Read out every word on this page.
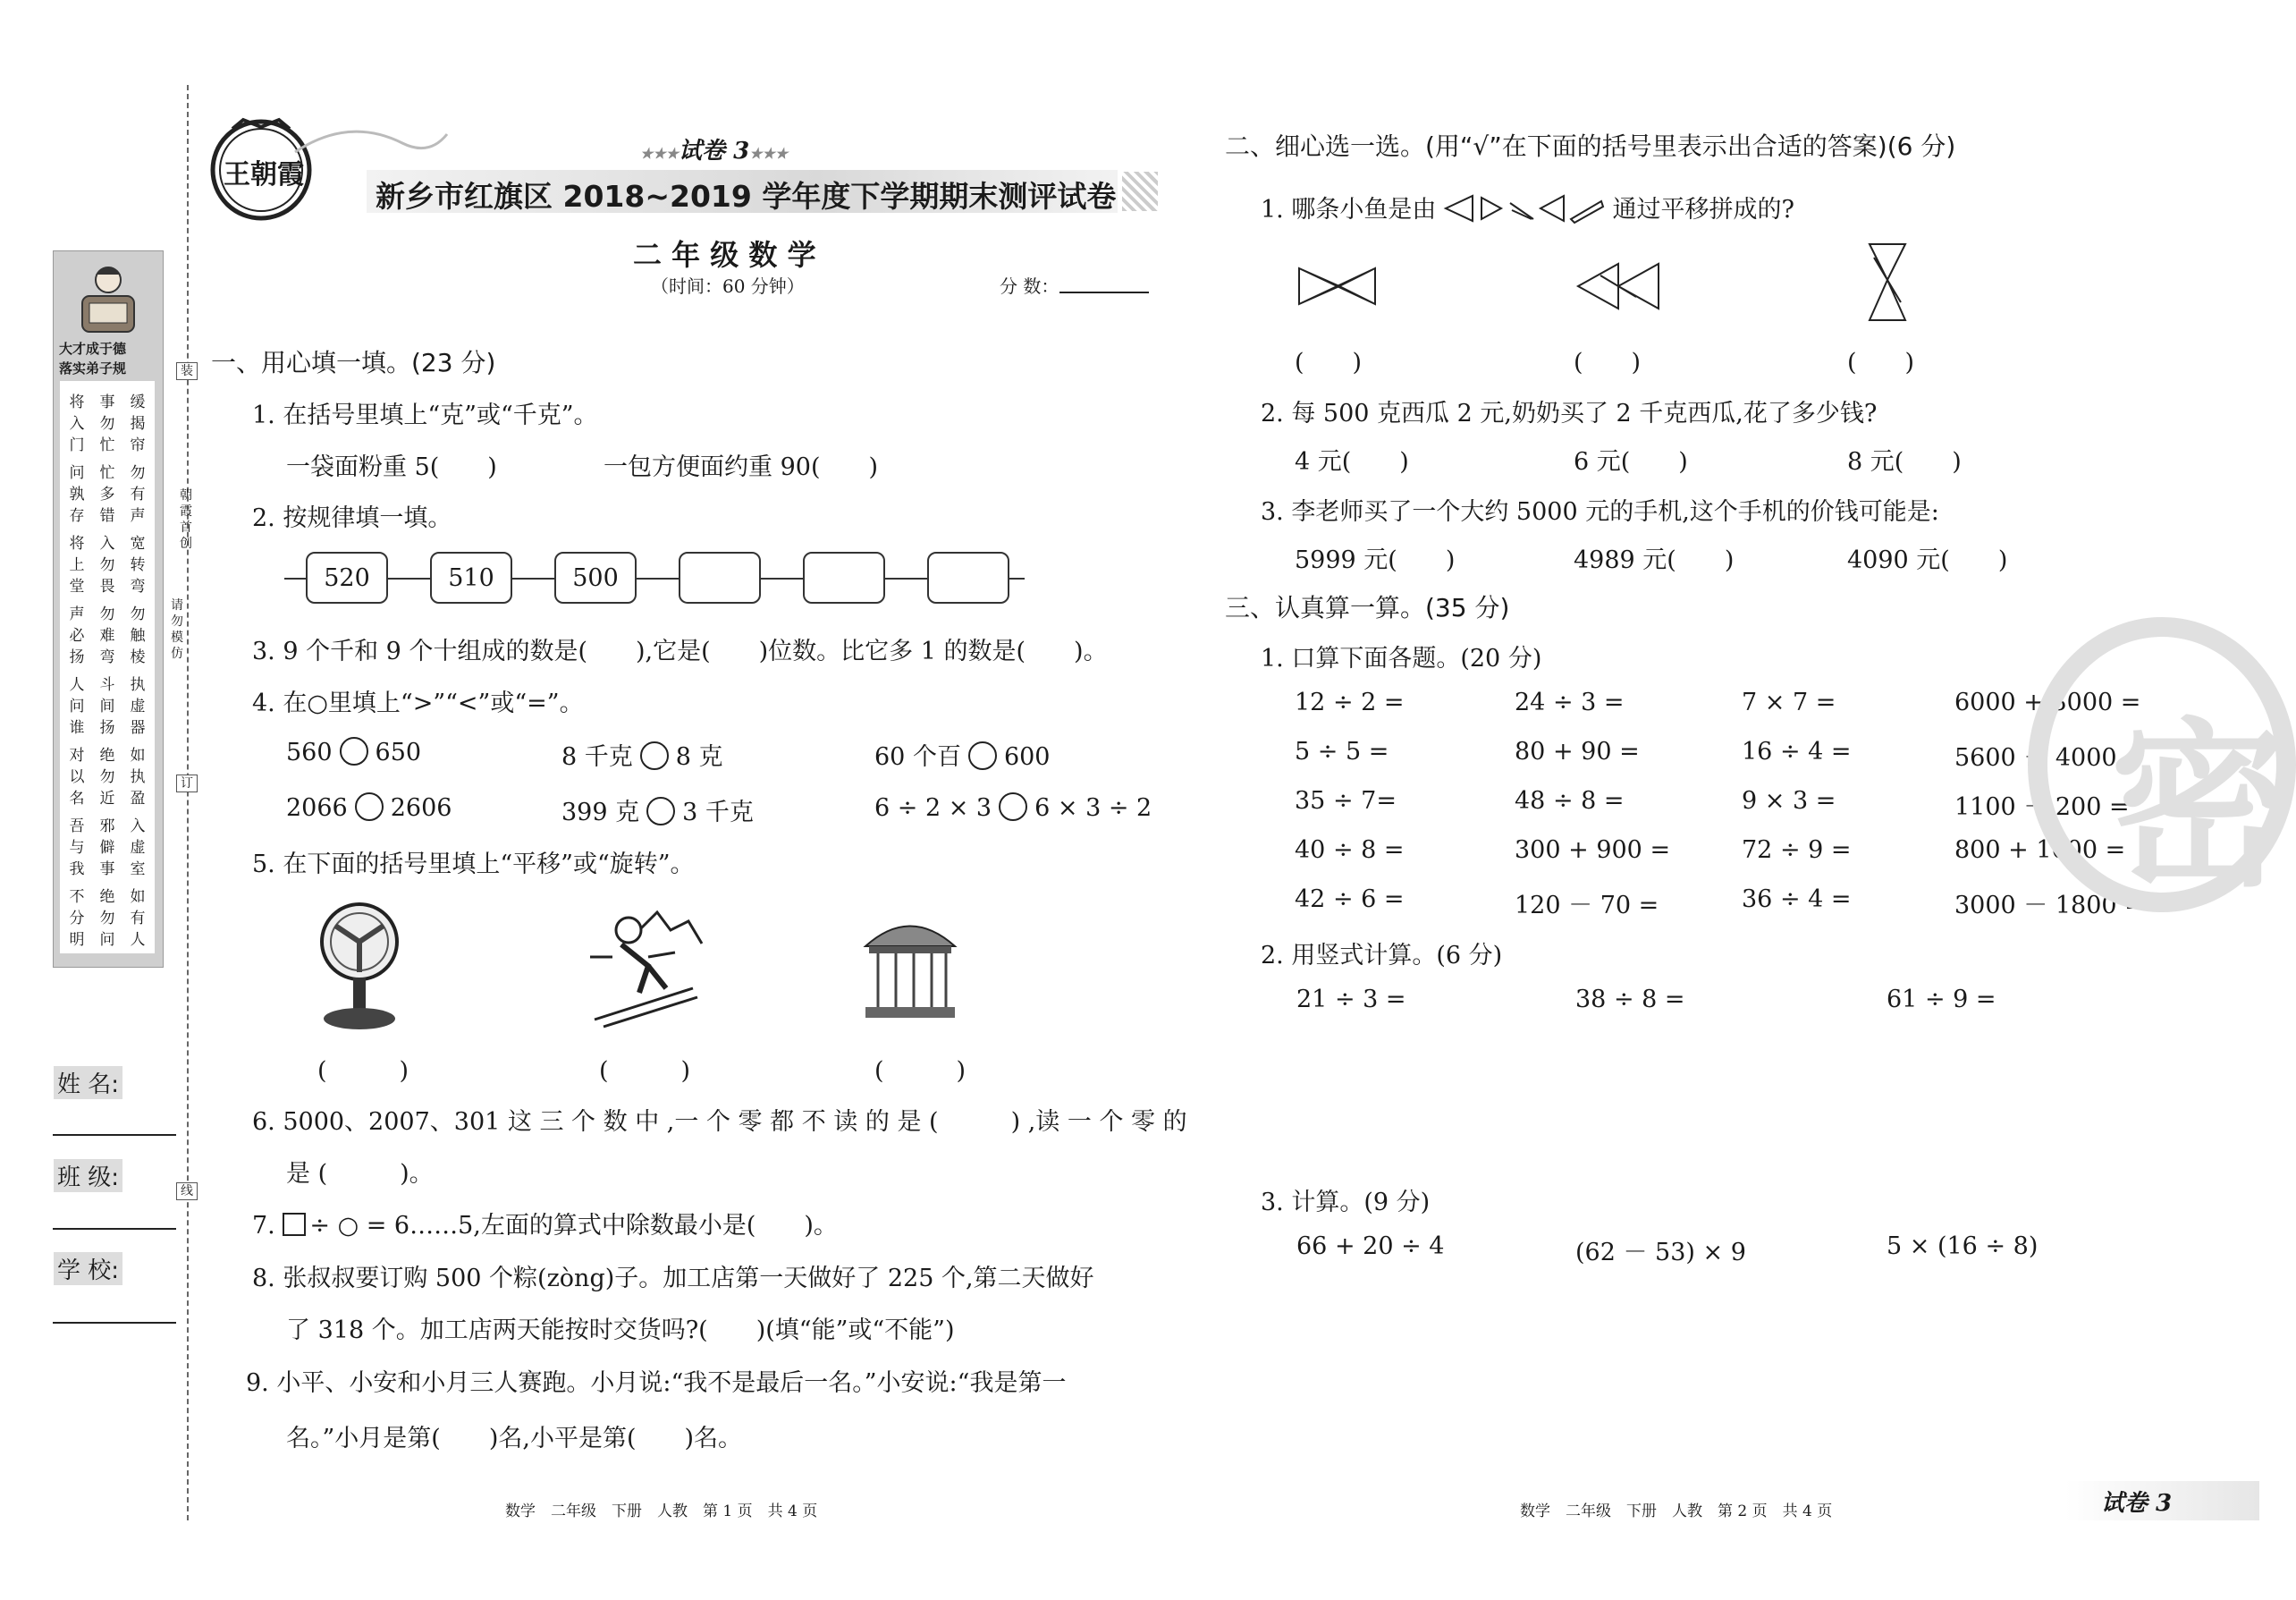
大才成于德
落实弟子规
将入门
事勿忙
缓揭帘
问孰存
忙多错
勿有声
将上堂
入勿畏
宽转弯
声必扬
勿难弯
勿触棱
人问谁
斗间扬
执虚器
对以名
绝勿近
如执盈
吾与我
邪僻事
入虚室
不分明
绝勿问
如有人
装
朝霞首创
请勿模仿
订
线
姓 名:
班 级:
学 校:
王朝霞
★★★试卷 3★★★
新乡市红旗区 2018~2019 学年度下学期期末测评试卷
二 年 级 数 学
（时间：60 分钟）	分 数：
一、用心填一填。(23 分)
1. 在括号里填上“克”或“千克”。
一袋面粉重 5(　　)	一包方便面约重 90(　　)
2. 按规律填一填。
520	510	500
3. 9 个千和 9 个十组成的数是(　　),它是(　　)位数。比它多 1 的数是(　　)。
4. 在○里填上“>”“<”或“=”。
560 650	8 千克 8 克	60 个百 600
2066 2606	399 克 3 千克	6 ÷ 2 × 3 6 × 3 ÷ 2
5. 在下面的括号里填上“平移”或“旋转”。
(　　　)	(　　　)	(　　　)
6. 5000、2007、301 这 三 个 数 中 ,一 个 零 都 不 读 的 是 (　　　) ,读 一 个 零 的
是 (　　　)。
7. ÷ ○ = 6……5,左面的算式中除数最小是(　　)。
8. 张叔叔要订购 500 个粽(zòng)子。加工店第一天做好了 225 个,第二天做好
了 318 个。加工店两天能按时交货吗?(　　)(填“能”或“不能”)
9. 小平、小安和小月三人赛跑。小月说:“我不是最后一名。”小安说:“我是第一
名。”小月是第(　　)名,小平是第(　　)名。
数学　二年级　下册　人教　第 1 页　共 4 页
二、细心选一选。(用“√”在下面的括号里表示出合适的答案)(6 分)
1. 哪条小鱼是由	通过平移拼成的?
(　　)	(　　)	(　　)
2. 每 500 克西瓜 2 元,奶奶买了 2 千克西瓜,花了多少钱?
4 元(　　)	6 元(　　)	8 元(　　)
3. 李老师买了一个大约 5000 元的手机,这个手机的价钱可能是:
5999 元(　　)	4989 元(　　)	4090 元(　　)
三、认真算一算。(35 分)
1. 口算下面各题。(20 分)
12 ÷ 2 =	24 ÷ 3 =	7 × 7 =	6000 + 3000 =
5 ÷ 5 =	80 + 90 =	16 ÷ 4 =	5600 － 4000 =
35 ÷ 7=	48 ÷ 8 =	9 × 3 =	1100 － 200 =
40 ÷ 8 =	300 + 900 =	72 ÷ 9 =	800 + 1000 =
42 ÷ 6 =	120 － 70 =	36 ÷ 4 =	3000 － 1800 =
2. 用竖式计算。(6 分)
21 ÷ 3 =	38 ÷ 8 =	61 ÷ 9 =
3. 计算。(9 分)
66 + 20 ÷ 4	(62 － 53) × 9	5 × (16 ÷ 8)
密
数学　二年级　下册　人教　第 2 页　共 4 页	试卷 3
